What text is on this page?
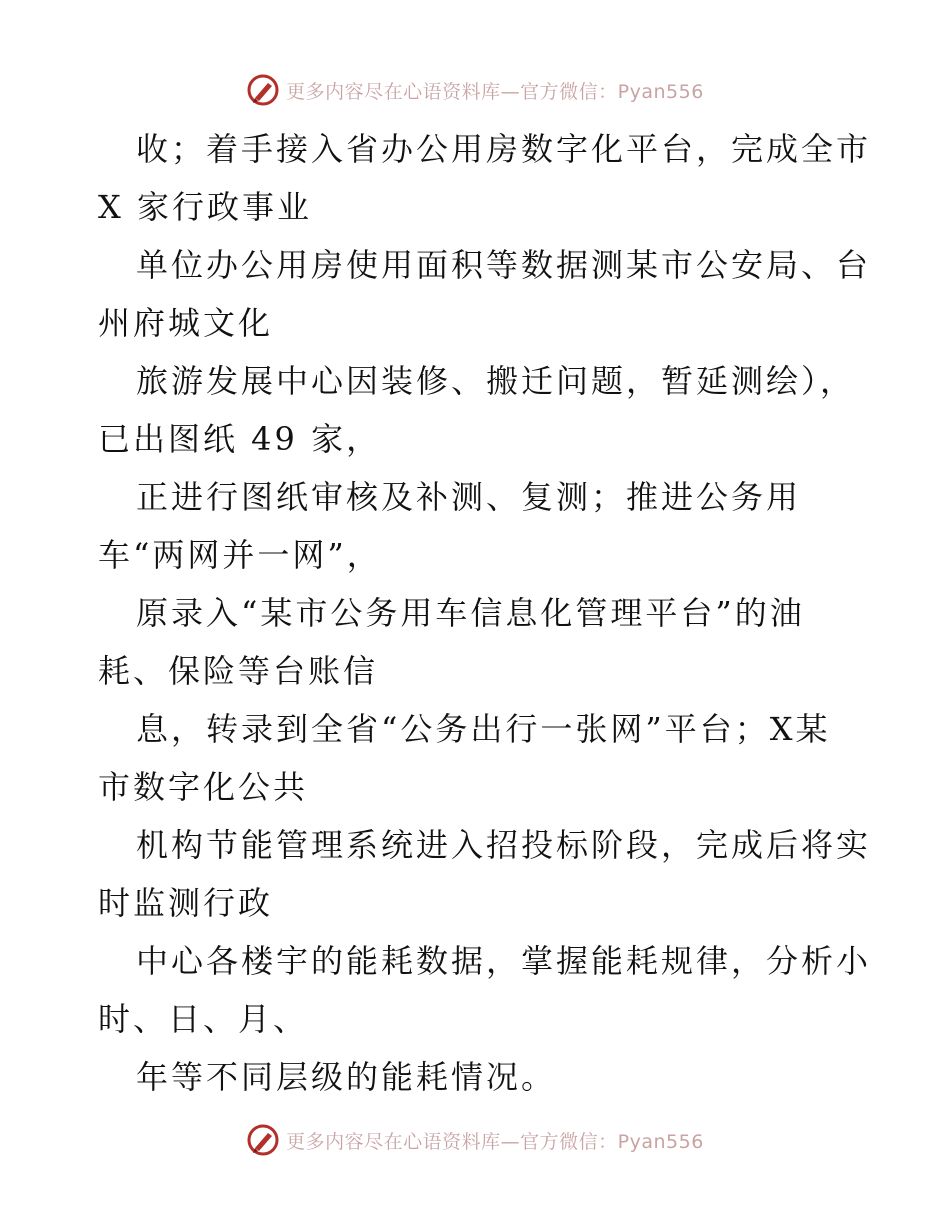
更多内容尽在心语资料库—官方微信：Pyan556
收；着手接入省办公用房数字化平台，完成全市
X 家行政事业
单位办公用房使用面积等数据测某市公安局、台
州府城文化
旅游发展中心因装修、搬迁问题，暂延测绘），
已出图纸 49 家，
正进行图纸审核及补测、复测；推进公务用
车“两网并一网”，
原录入“某市公务用车信息化管理平台”的油
耗、保险等台账信
息，转录到全省“公务出行一张网”平台；X某
市数字化公共
机构节能管理系统进入招投标阶段，完成后将实
时监测行政
中心各楼宇的能耗数据，掌握能耗规律，分析小
时、日、月、
年等不同层级的能耗情况。
更多内容尽在心语资料库—官方微信：Pyan556
